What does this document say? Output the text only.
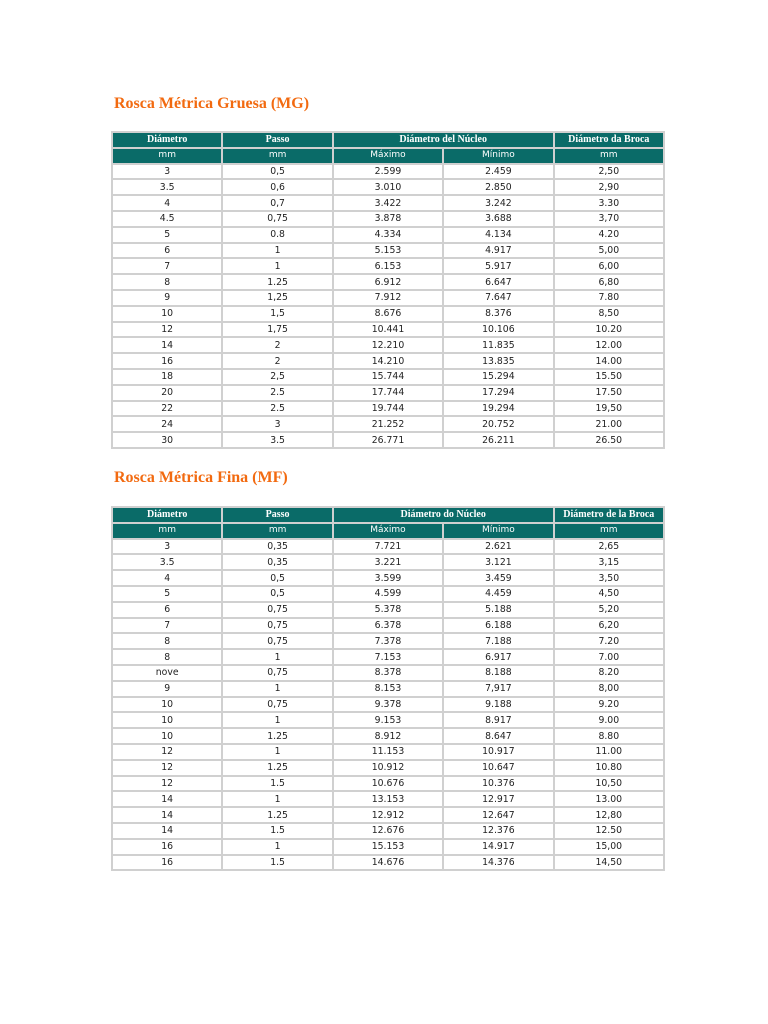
Rosca Métrica Gruesa (MG)
Diámetro	Passo	Diámetro del Núcleo		Diámetro da Broca
mm	mm	Máximo	Mínimo	mm
3	0,5	2.599	2.459	2,50
3.5	0,6	3.010	2.850	2,90
4	0,7	3.422	3.242	3.30
4.5	0,75	3.878	3.688	3,70
5	0.8	4.334	4.134	4.20
6	1	5.153	4.917	5,00
7	1	6.153	5.917	6,00
8	1.25	6.912	6.647	6,80
9	1,25	7.912	7.647	7.80
10	1,5	8.676	8.376	8,50
12	1,75	10.441	10.106	10.20
14	2	12.210	11.835	12.00
16	2	14.210	13.835	14.00
18	2,5	15.744	15.294	15.50
20	2.5	17.744	17.294	17.50
22	2.5	19.744	19.294	19,50
24	3	21.252	20.752	21.00
30	3.5	26.771	26.211	26.50
Rosca Métrica Fina (MF)
Diámetro	Passo	Diámetro do Núcleo		Diámetro de la Broca
mm	mm	Máximo	Mínimo	mm
3	0,35	7.721	2.621	2,65
3.5	0,35	3.221	3.121	3,15
4	0,5	3.599	3.459	3,50
5	0,5	4.599	4.459	4,50
6	0,75	5.378	5.188	5,20
7	0,75	6.378	6.188	6,20
8	0,75	7.378	7.188	7.20
8	1	7.153	6.917	7.00
nove	0,75	8.378	8.188	8.20
9	1	8.153	7,917	8,00
10	0,75	9.378	9.188	9.20
10	1	9.153	8.917	9.00
10	1.25	8.912	8.647	8.80
12	1	11.153	10.917	11.00
12	1.25	10.912	10.647	10.80
12	1.5	10.676	10.376	10,50
14	1	13.153	12.917	13.00
14	1.25	12.912	12.647	12,80
14	1.5	12.676	12.376	12.50
16	1	15.153	14.917	15,00
16	1.5	14.676	14.376	14,50
